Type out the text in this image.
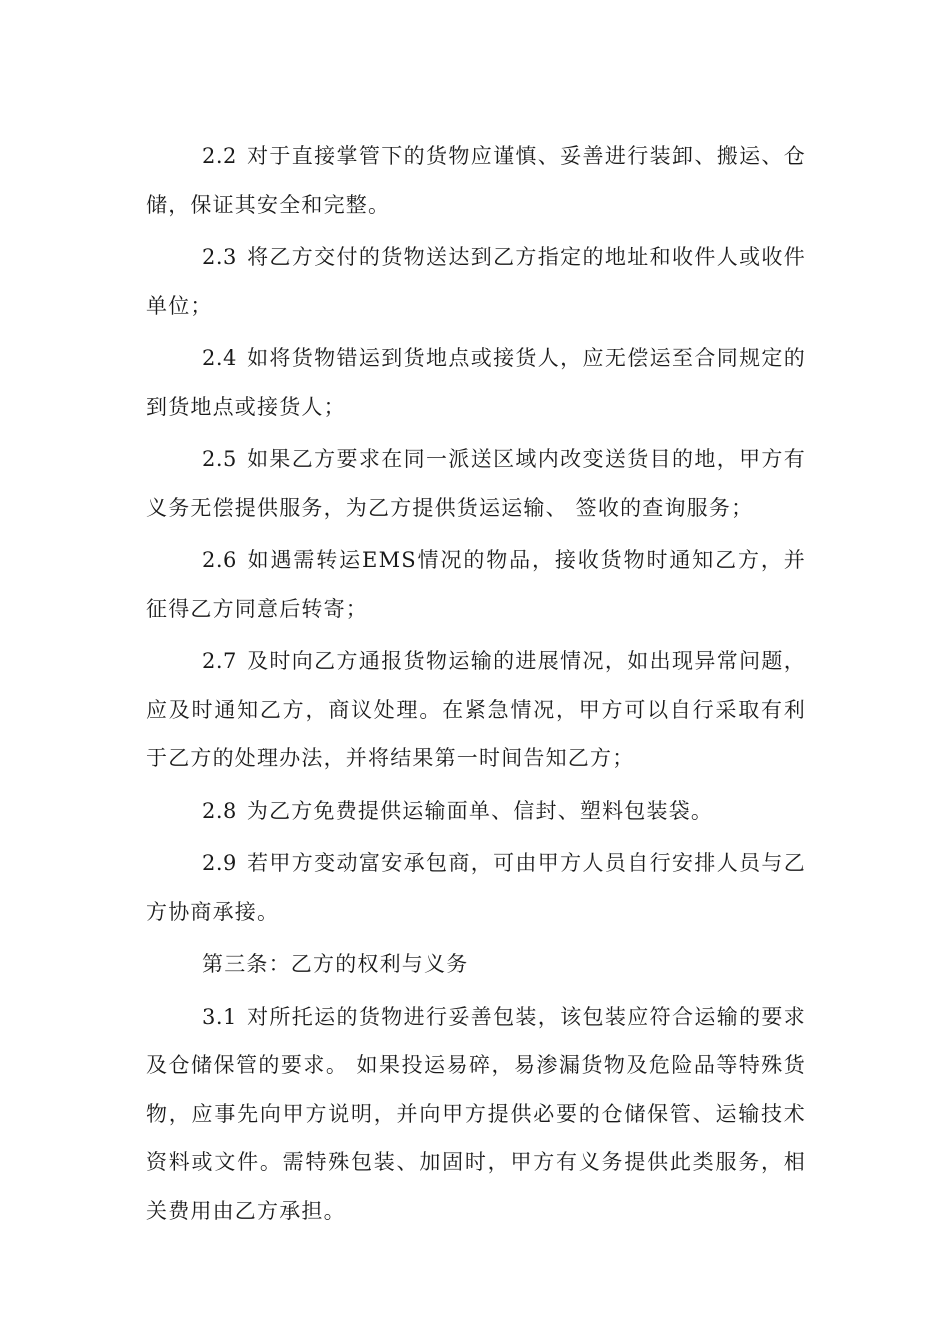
2.2 对于直接掌管下的货物应谨慎、妥善进行装卸、搬运、仓储，保证其安全和完整。

2.3 将乙方交付的货物送达到乙方指定的地址和收件人或收件单位；

2.4 如将货物错运到货地点或接货人，应无偿运至合同规定的到货地点或接货人；

2.5 如果乙方要求在同一派送区域内改变送货目的地，甲方有义务无偿提供服务，为乙方提供货运运输、 签收的查询服务；

2.6 如遇需转运EMS情况的物品，接收货物时通知乙方，并征得乙方同意后转寄；

2.7 及时向乙方通报货物运输的进展情况，如出现异常问题，应及时通知乙方，商议处理。在紧急情况，甲方可以自行采取有利于乙方的处理办法，并将结果第一时间告知乙方；

2.8 为乙方免费提供运输面单、信封、塑料包装袋。

2.9 若甲方变动富安承包商，可由甲方人员自行安排人员与乙方协商承接。

第三条：乙方的权利与义务

3.1 对所托运的货物进行妥善包装，该包装应符合运输的要求及仓储保管的要求。 如果投运易碎，易渗漏货物及危险品等特殊货物，应事先向甲方说明，并向甲方提供必要的仓储保管、运输技术资料或文件。需特殊包装、加固时，甲方有义务提供此类服务，相关费用由乙方承担。
